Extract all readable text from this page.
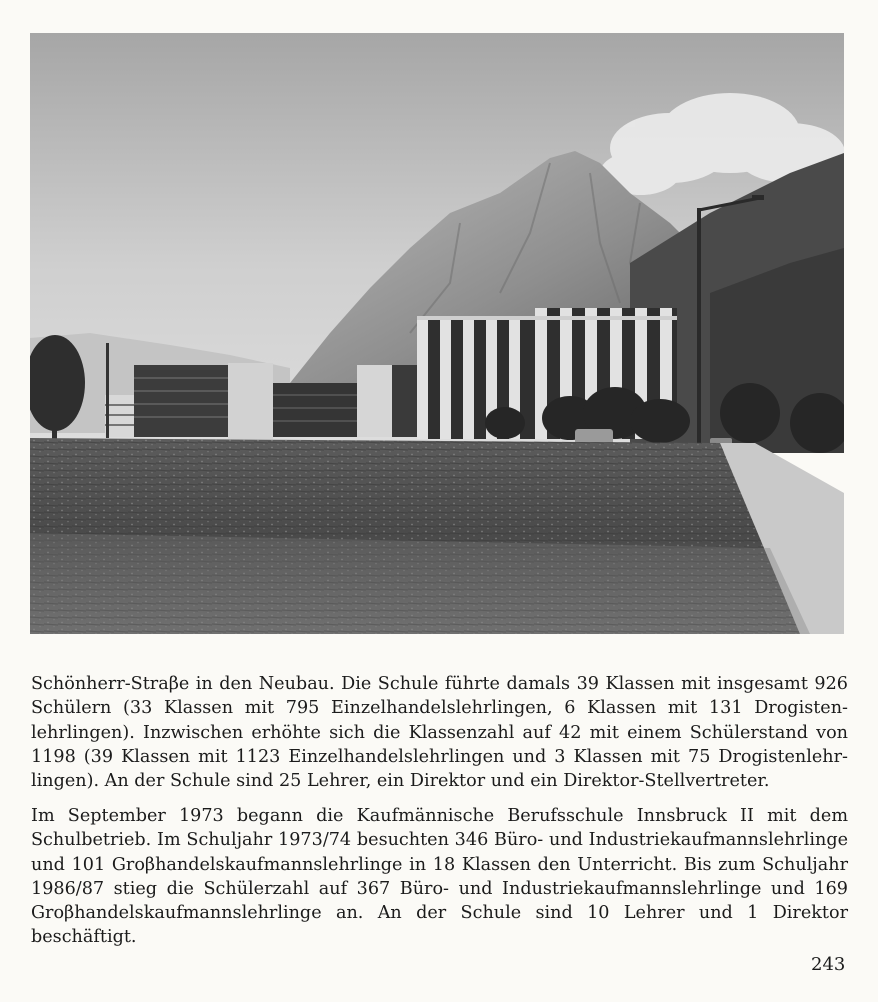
Schönherr-Straβe in den Neubau. Die Schule führte damals 39 Klassen mit insgesamt 926 Schülern (33 Klassen mit 795 Einzelhandelslehrlingen, 6 Klassen mit 131 Drogistenlehrlingen). Inzwischen erhöhte sich die Klassenzahl auf 42 mit einem Schülerstand von 1198 (39 Klassen mit 1123 Einzelhandelslehrlingen und 3 Klassen mit 75 Drogistenlehrlingen). An der Schule sind 25 Lehrer, ein Direktor und ein Direktor-Stellvertreter.
Im September 1973 begann die Kaufmännische Berufsschule Innsbruck II mit dem Schulbetrieb. Im Schuljahr 1973/74 besuchten 346 Büro- und Industriekaufmannslehrlinge und 101 Groβhandelskaufmannslehrlinge in 18 Klassen den Unterricht. Bis zum Schuljahr 1986/87 stieg die Schülerzahl auf 367 Büro- und Industriekaufmannslehrlinge und 169 Groβhandelskaufmannslehrlinge an. An der Schule sind 10 Lehrer und 1 Direktor beschäftigt.
243
